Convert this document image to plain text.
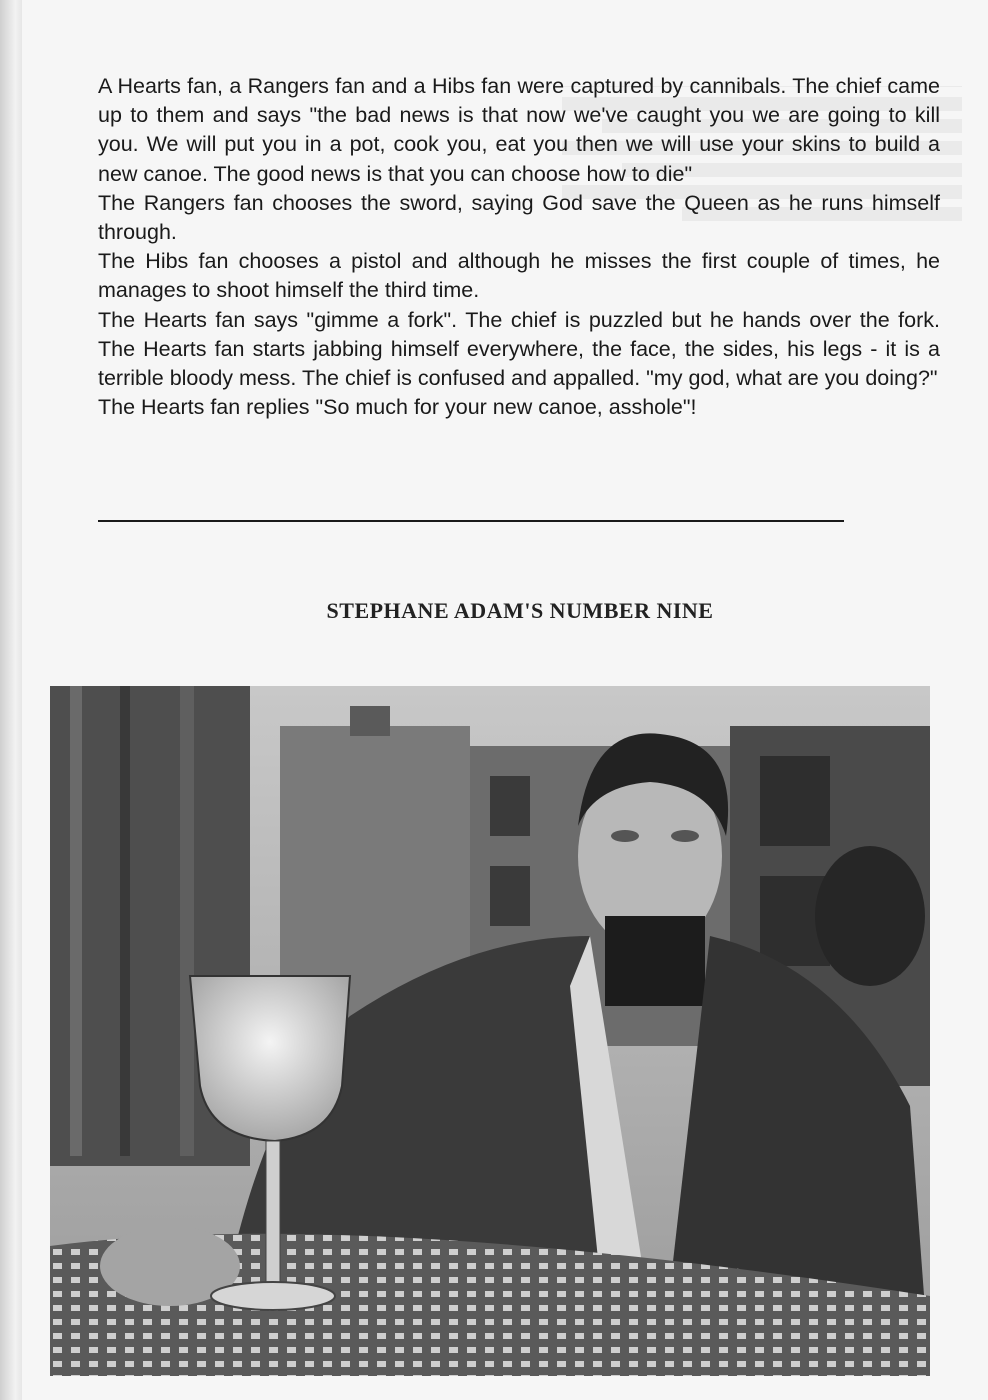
A Hearts fan, a Rangers fan and a Hibs fan were captured by cannibals. The chief came up to them and says "the bad news is that now we've caught you we are going to kill you. We will put you in a pot, cook you, eat you then we will use your skins to build a new canoe. The good news is that you can choose how to die"

The Rangers fan chooses the sword, saying God save the Queen as he runs himself through.

The Hibs fan chooses a pistol and although he misses the first couple of times, he manages to shoot himself the third time.

The Hearts fan says "gimme a fork". The chief is puzzled but he hands over the fork. The Hearts fan starts jabbing himself everywhere, the face, the sides, his legs - it is a terrible bloody mess. The chief is confused and appalled. "my god, what are you doing?"

The Hearts fan replies "So much for your new canoe, asshole"!

STEPHANE ADAM'S NUMBER NINE
